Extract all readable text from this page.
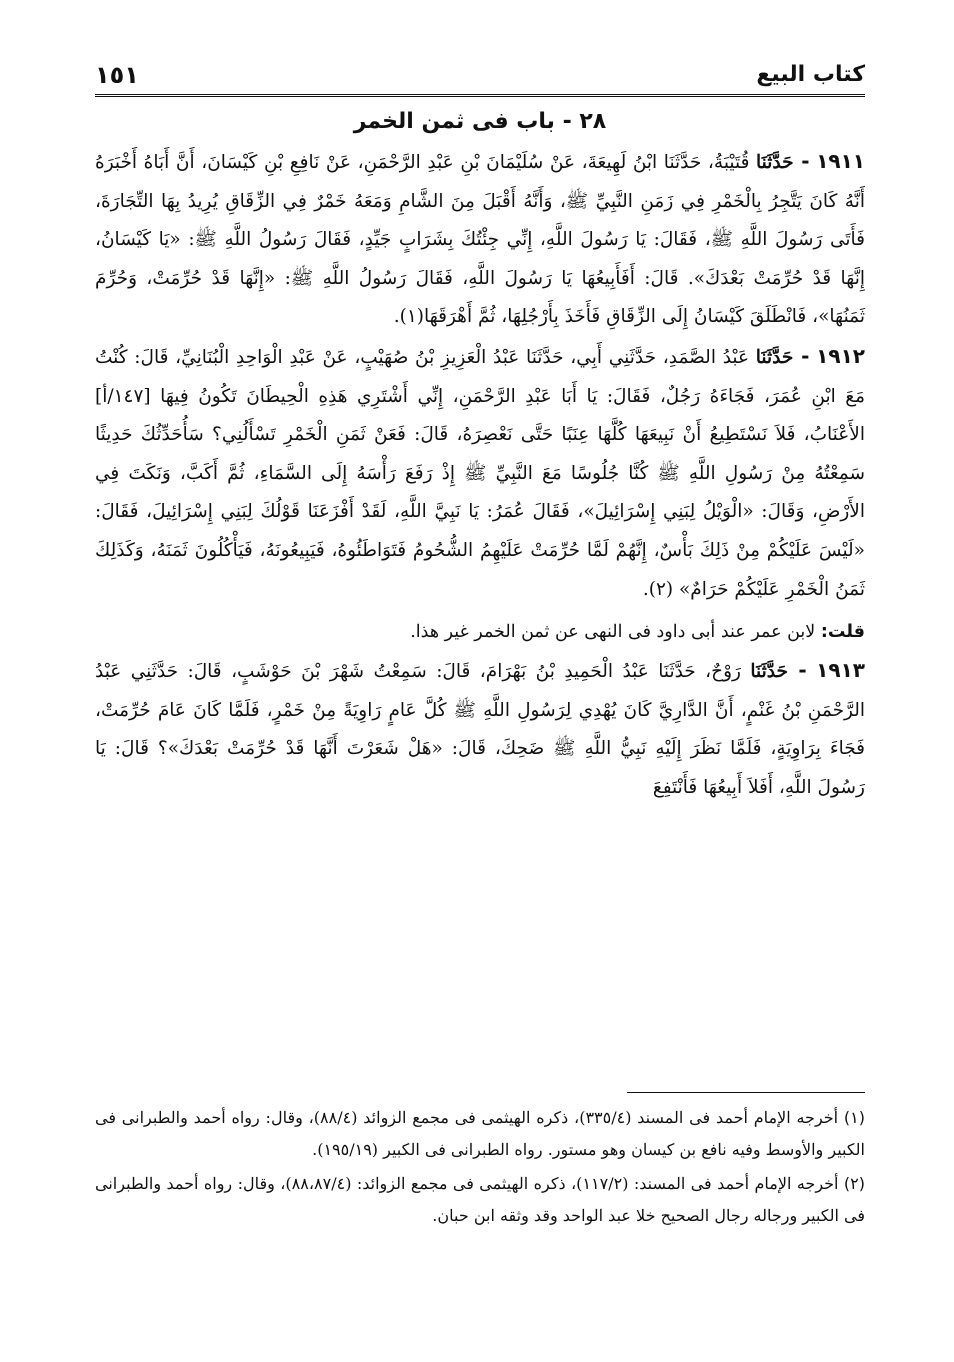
كتاب البيع
١٥١
٢٨ - باب فى ثمن الخمر

١٩١١ - حَدَّثَنَا قُتَيْبَةُ، حَدَّثَنَا ابْنُ لَهِيعَةَ، عَنْ سُلَيْمَانَ بْنِ عَبْدِ الرَّحْمَنِ، عَنْ نَافِعِ بْنِ كَيْسَانَ، أَنَّ أَبَاهُ أَخْبَرَهُ أَنَّهُ كَانَ يَتَّجِرُ بِالْخَمْرِ فِي زَمَنِ النَّبِيِّ ﷺ، وَأَنَّهُ أَقْبَلَ مِنَ الشَّامِ وَمَعَهُ خَمْرٌ فِي الزِّقَاقِ يُرِيدُ بِهَا التِّجَارَةَ، فَأَتَى رَسُولَ اللَّهِ ﷺ، فَقَالَ: يَا رَسُولَ اللَّهِ، إِنِّي جِئْتُكَ بِشَرَابٍ جَيِّدٍ، فَقَالَ رَسُولُ اللَّهِ ﷺ: «يَا كَيْسَانُ، إِنَّهَا قَدْ حُرِّمَتْ بَعْدَكَ». قَالَ: أَفَأَبِيعُهَا يَا رَسُولَ اللَّهِ، فَقَالَ رَسُولُ اللَّهِ ﷺ: «إِنَّهَا قَدْ حُرِّمَتْ، وَحُرِّمَ ثَمَنُهَا»، فَانْطَلَقَ كَيْسَانُ إِلَى الزِّقَاقِ فَأَخَذَ بِأَرْجُلِهَا، ثُمَّ أَهْرَقَهَا(١).

١٩١٢ - حَدَّثَنَا عَبْدُ الصَّمَدِ، حَدَّثَنِي أَبِي، حَدَّثَنَا عَبْدُ الْعَزِيزِ بْنُ صُهَيْبٍ، عَنْ عَبْدِ الْوَاحِدِ الْبُنَانِيِّ، قَالَ: كُنْتُ مَعَ ابْنِ عُمَرَ، فَجَاءَهُ رَجُلٌ، فَقَالَ: يَا أَبَا عَبْدِ الرَّحْمَنِ، إِنِّي أَشْتَرِي هَذِهِ الْحِيطَانَ تَكُونُ فِيهَا [١٤٧/أ] الأَعْنَابُ، فَلاَ نَسْتَطِيعُ أَنْ نَبِيعَهَا كُلَّهَا عِنَبًا حَتَّى نَعْصِرَهُ، قَالَ: فَعَنْ ثَمَنِ الْخَمْرِ تَسْأَلُنِي؟ سَأُحَدِّثُكَ حَدِيثًا سَمِعْتُهُ مِنْ رَسُولِ اللَّهِ ﷺ كُنَّا جُلُوسًا مَعَ النَّبِيِّ ﷺ إِذْ رَفَعَ رَأْسَهُ إِلَى السَّمَاءِ، ثُمَّ أَكَبَّ، وَنَكَتَ فِي الأَرْضِ، وَقَالَ: «الْوَيْلُ لِبَنِي إِسْرَائِيلَ»، فَقَالَ عُمَرُ: يَا نَبِيَّ اللَّهِ، لَقَدْ أَفْزَعَنَا قَوْلُكَ لِبَنِي إِسْرَائِيلَ، فَقَالَ: «لَيْسَ عَلَيْكُمْ مِنْ ذَلِكَ بَأْسٌ، إِنَّهُمْ لَمَّا حُرِّمَتْ عَلَيْهِمُ الشُّحُومُ فَتَوَاطَئُوهُ، فَيَبِيعُونَهُ، فَيَأْكُلُونَ ثَمَنَهُ، وَكَذَلِكَ ثَمَنُ الْخَمْرِ عَلَيْكُمْ حَرَامٌ» (٢).

قلت: لابن عمر عند أبى داود فى النهى عن ثمن الخمر غير هذا.

١٩١٣ - حَدَّثَنَا رَوْحٌ، حَدَّثَنَا عَبْدُ الْحَمِيدِ بْنُ بَهْرَامَ، قَالَ: سَمِعْتُ شَهْرَ بْنَ حَوْشَبٍ، قَالَ: حَدَّثَنِي عَبْدُ الرَّحْمَنِ بْنُ غَنْمٍ، أَنَّ الدَّارِيَّ كَانَ يُهْدِي لِرَسُولِ اللَّهِ ﷺ كُلَّ عَامٍ رَاوِيَةً مِنْ خَمْرٍ، فَلَمَّا كَانَ عَامَ حُرِّمَتْ، فَجَاءَ بِرَاوِيَةٍ، فَلَمَّا نَظَرَ إِلَيْهِ نَبِيُّ اللَّهِ ﷺ ضَحِكَ، قَالَ: «هَلْ شَعَرْتَ أَنَّهَا قَدْ حُرِّمَتْ بَعْدَكَ»؟ قَالَ: يَا رَسُولَ اللَّهِ، أَفَلاَ أَبِيعُهَا فَأَنْتَفِعَ

(١) أخرجه الإمام أحمد فى المسند (٣٣٥/٤)، ذكره الهيثمى فى مجمع الزوائد (٨٨/٤)، وقال: رواه أحمد والطبرانى فى الكبير والأوسط وفيه نافع بن كيسان وهو مستور. رواه الطبرانى فى الكبير (١٩٥/١٩).

(٢) أخرجه الإمام أحمد فى المسند: (١١٧/٢)، ذكره الهيثمى فى مجمع الزوائد: (٨٨،٨٧/٤)، وقال: رواه أحمد والطبرانى فى الكبير ورجاله رجال الصحيح خلا عبد الواحد وقد وثقه ابن حبان.
